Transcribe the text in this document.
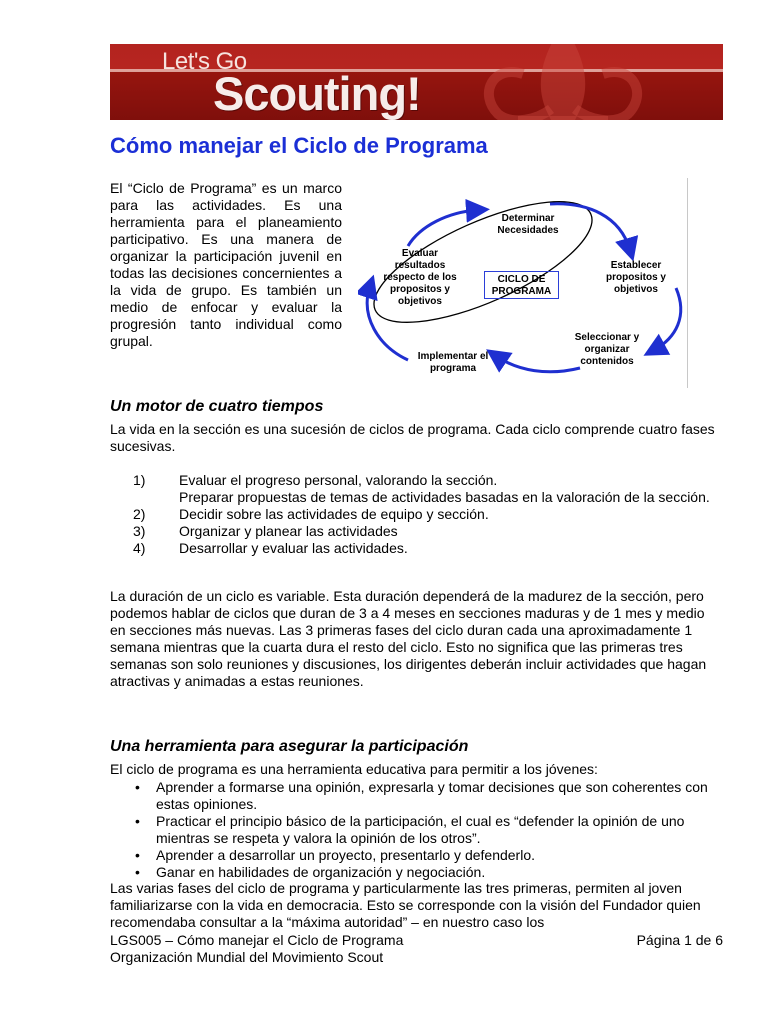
Let's Go
Scouting!
Cómo manejar el Ciclo de Programa

El “Ciclo de Programa” es un marco para las actividades. Es una herramienta para el planeamiento participativo. Es una manera de organizar la participación juvenil en todas las decisiones concernientes a la vida de grupo. Es también un medio de enfocar y evaluar la progresión tanto individual como grupal.

Determinar
Necesidades
Evaluar
resultados
respecto de los
propositos y
objetivos
CICLO DE
PROGRAMA
Establecer
propositos y
objetivos
Seleccionar y
organizar
contenidos
Implementar el
programa
Un motor de cuatro tiempos

La vida en la sección es una sucesión de ciclos de programa. Cada ciclo comprende cuatro fases sucesivas.

1)	Evaluar el progreso personal, valorando la sección.
Preparar propuestas de temas de actividades basadas en la valoración de la sección.
2)	Decidir sobre las actividades de equipo y sección.
3)	Organizar y planear las actividades
4)	Desarrollar y evaluar las actividades.

La duración de un ciclo es variable. Esta duración dependerá de la madurez de la sección, pero podemos hablar de ciclos que duran de 3 a 4 meses en secciones maduras y de 1 mes y medio en secciones más nuevas. Las 3 primeras fases del ciclo duran cada una aproximadamente 1 semana mientras que la cuarta dura el resto del ciclo. Esto no significa que las primeras tres semanas son solo reuniones y discusiones, los dirigentes deberán incluir actividades que hagan atractivas y animadas a estas reuniones.

Una herramienta para asegurar la participación

El ciclo de programa es una herramienta educativa para permitir a los jóvenes:

•	Aprender a formarse una opinión, expresarla y tomar decisiones que son coherentes con estas opiniones.
•	Practicar el principio básico de la participación, el cual es “defender la opinión de uno mientras se respeta y valora la opinión de los otros”.
•	Aprender a desarrollar un proyecto, presentarlo y defenderlo.
•	Ganar en habilidades de organización y negociación.

Las varias fases del ciclo de programa y particularmente las tres primeras, permiten al joven familiarizarse con la vida en democracia. Esto se corresponde con la visión del Fundador quien recomendaba consultar a la “máxima autoridad” – en nuestro caso los

LGS005 – Cómo manejar el Ciclo de Programa	Página 1 de 6
Organización Mundial del Movimiento Scout
